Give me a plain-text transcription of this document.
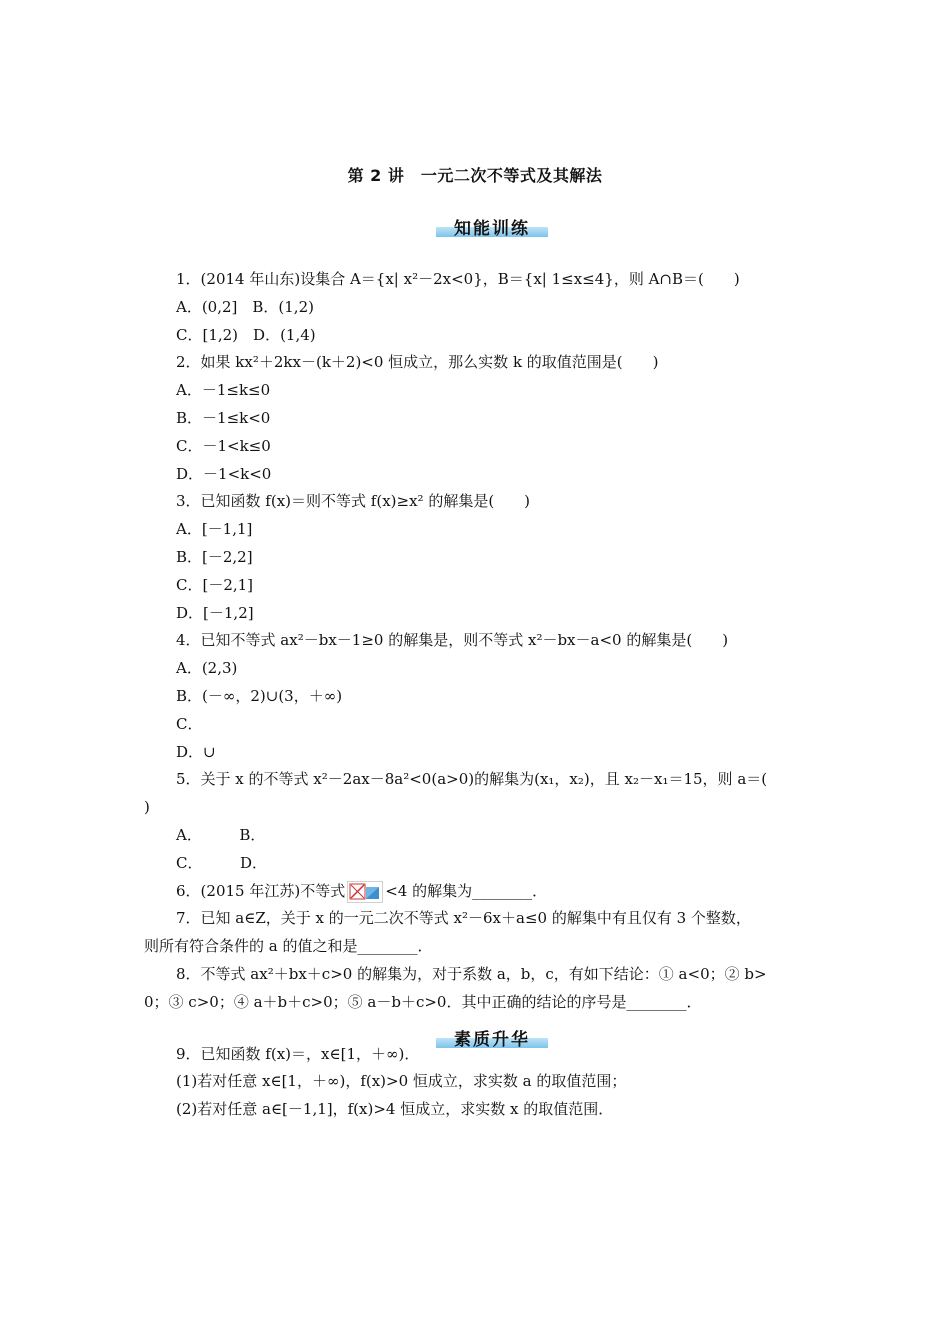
第 2 讲　一元二次不等式及其解法
知能训练
1．(2014 年山东)设集合 A＝{x| x²－2x<0}，B＝{x| 1≤x≤4}，则 A∩B＝(　　)
A．(0,2]　B．(1,2)
C．[1,2)　D．(1,4)
2．如果 kx²＋2kx－(k＋2)<0 恒成立，那么实数 k 的取值范围是(　　)
A．－1≤k≤0
B．－1≤k<0
C．－1<k≤0
D．－1<k<0
3．已知函数 f(x)＝则不等式 f(x)≥x² 的解集是(　　)
A．[－1,1]
B．[－2,2]
C．[－2,1]
D．[－1,2]
4．已知不等式 ax²－bx－1≥0 的解集是，则不等式 x²－bx－a<0 的解集是(　　)
A．(2,3)
B．(－∞，2)∪(3，＋∞)
C．
D．∪
5．关于 x 的不等式 x²－2ax－8a²<0(a>0)的解集为(x₁，x₂)，且 x₂－x₁＝15，则 a＝(
)
A．　　　B．
C．　　　D．
6．(2015 年江苏)不等式	<4 的解集为________．
7．已知 a∈Z，关于 x 的一元二次不等式 x²－6x＋a≤0 的解集中有且仅有 3 个整数，
则所有符合条件的 a 的值之和是________．
8．不等式 ax²＋bx＋c>0 的解集为，对于系数 a，b，c，有如下结论：① a<0；② b>
0；③ c>0；④ a＋b＋c>0；⑤ a－b＋c>0．其中正确的结论的序号是________．
9．已知函数 f(x)＝，x∈[1，＋∞)．
(1)若对任意 x∈[1，＋∞)，f(x)>0 恒成立，求实数 a 的取值范围；
(2)若对任意 a∈[－1,1]，f(x)>4 恒成立，求实数 x 的取值范围．
素质升华
